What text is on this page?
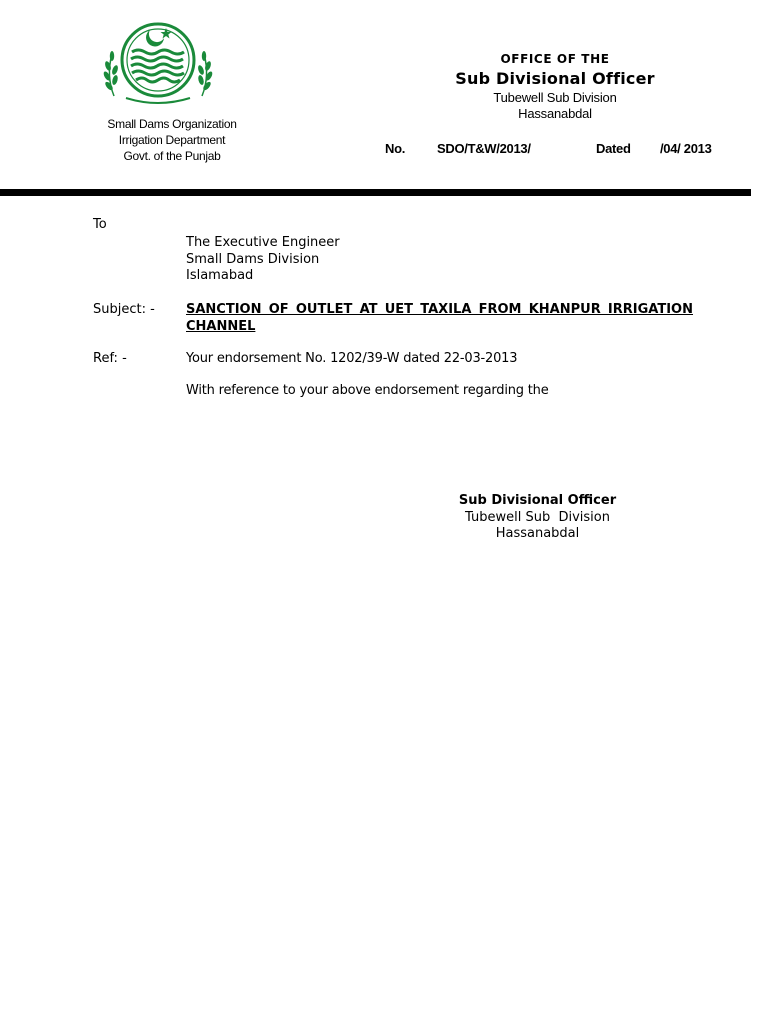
Small Dams Organization
Irrigation Department
Govt. of the Punjab
OFFICE OF THE
Sub Divisional Officer
Tubewell Sub Division
Hassanabdal
No. SDO/T&W/2013/	Dated /04/ 2013
To
The Executive Engineer
Small Dams Division
Islamabad
Subject: - SANCTION OF OUTLET AT UET TAXILA FROM KHANPUR IRRIGATION CHANNEL
Ref: -	Your endorsement No. 1202/39-W dated 22-03-2013
With reference to your above endorsement regarding the
Sub Divisional Officer
Tubewell Sub  Division
Hassanabdal
